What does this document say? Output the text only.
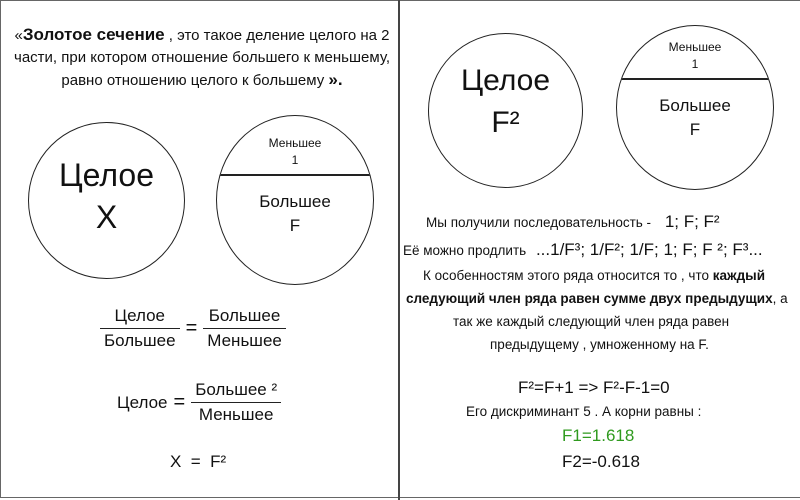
«Золотое сечение , это такое деление целого на 2
части, при котором отношение большего к меньшему,
равно отношению целого к большему ».
Целое
X
Меньшее
1
Большее
F
$\frac{\text{Целое}}{\text{Большее}} = \frac{\text{Большее}}{\text{Меньшее}}$
Целое = $\frac{\text{Большее ²}}{\text{Меньшее}}$
X  =  F²
Целое
F²
Меньшее
1
Большее
F
Мы получили последовательность - 1; F; F²
Её можно продлить ...1/F³; 1/F²; 1/F; 1; F; F ²; F³...
К особенностям этого ряда относится то , что каждый
следующий член ряда равен сумме двух предыдущих, а
так же каждый следующий член ряда равен
предыдущему , умноженному на F.
F²=F+1 => F²-F-1=0
Его дискриминант 5 . А корни равны :
F1=1.618
F2=-0.618
